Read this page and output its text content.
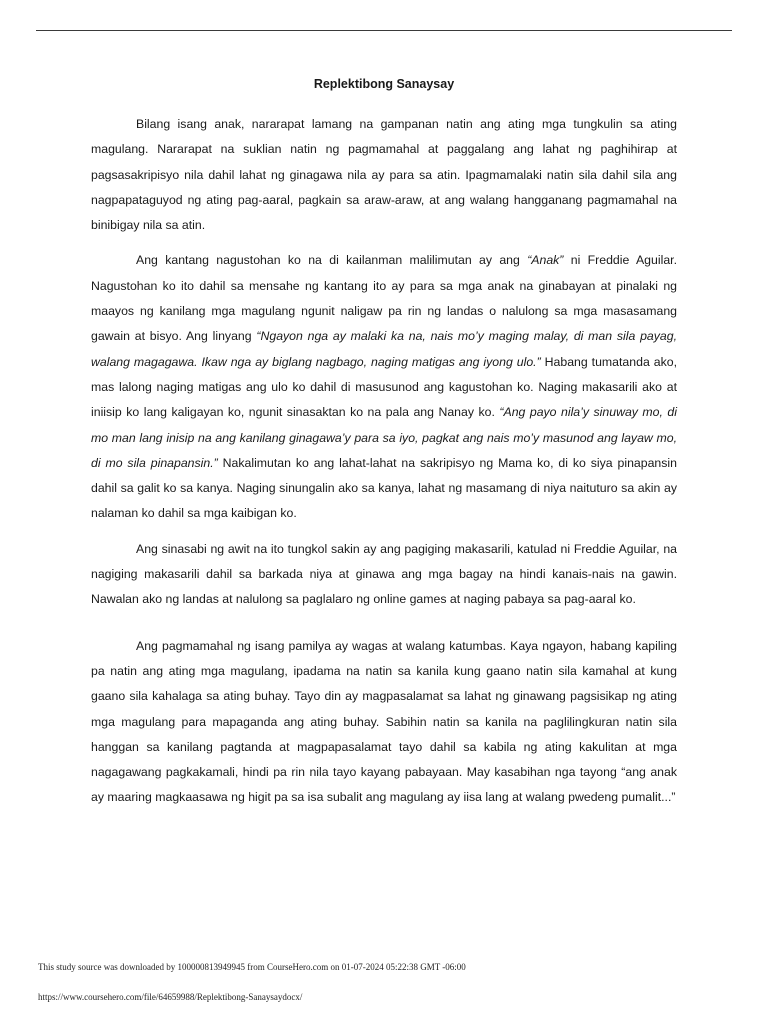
Replektibong Sanaysay

Bilang isang anak, nararapat lamang na gampanan natin ang ating mga tungkulin sa ating magulang. Nararapat na suklian natin ng pagmamahal at paggalang ang lahat ng paghihirap at pagsasakripisyo nila dahil lahat ng ginagawa nila ay para sa atin. Ipagmamalaki natin sila dahil sila ang nagpapataguyod ng ating pag-aaral, pagkain sa araw-araw, at ang walang hangganang pagmamahal na binibigay nila sa atin.

Ang kantang nagustohan ko na di kailanman malilimutan ay ang “Anak” ni Freddie Aguilar. Nagustohan ko ito dahil sa mensahe ng kantang ito ay para sa mga anak na ginabayan at pinalaki ng maayos ng kanilang mga magulang ngunit naligaw pa rin ng landas o nalulong sa mga masasamang gawain at bisyo. Ang linyang “Ngayon nga ay malaki ka na, nais mo’y maging malay, di man sila payag, walang magagawa. Ikaw nga ay biglang nagbago, naging matigas ang iyong ulo.” Habang tumatanda ako, mas lalong naging matigas ang ulo ko dahil di masusunod ang kagustohan ko. Naging makasarili ako at iniisip ko lang kaligayan ko, ngunit sinasaktan ko na pala ang Nanay ko. “Ang payo nila’y sinuway mo, di mo man lang inisip na ang kanilang ginagawa’y para sa iyo, pagkat ang nais mo’y masunod ang layaw mo, di mo sila pinapansin.” Nakalimutan ko ang lahat-lahat na sakripisyo ng Mama ko, di ko siya pinapansin dahil sa galit ko sa kanya. Naging sinungalin ako sa kanya, lahat ng masamang di niya naituturo sa akin ay nalaman ko dahil sa mga kaibigan ko.

Ang sinasabi ng awit na ito tungkol sakin ay ang pagiging makasarili, katulad ni Freddie Aguilar, na nagiging makasarili dahil sa barkada niya at ginawa ang mga bagay na hindi kanais-nais na gawin. Nawalan ako ng landas at nalulong sa paglalaro ng online games at naging pabaya sa pag-aaral ko.

Ang pagmamahal ng isang pamilya ay wagas at walang katumbas. Kaya ngayon, habang kapiling pa natin ang ating mga magulang, ipadama na natin sa kanila kung gaano natin sila kamahal at kung gaano sila kahalaga sa ating buhay. Tayo din ay magpasalamat sa lahat ng ginawang pagsisikap ng ating mga magulang para mapaganda ang ating buhay. Sabihin natin sa kanila na paglilingkuran natin sila hanggan sa kanilang pagtanda at magpapasalamat tayo dahil sa kabila ng ating kakulitan at mga nagagawang pagkakamali, hindi pa rin nila tayo kayang pabayaan. May kasabihan nga tayong “ang anak ay maaring magkaasawa ng higit pa sa isa subalit ang magulang ay iisa lang at walang pwedeng pumalit...”

This study source was downloaded by 100000813949945 from CourseHero.com on 01-07-2024 05:22:38 GMT -06:00
https://www.coursehero.com/file/64659988/Replektibong-Sanaysaydocx/
